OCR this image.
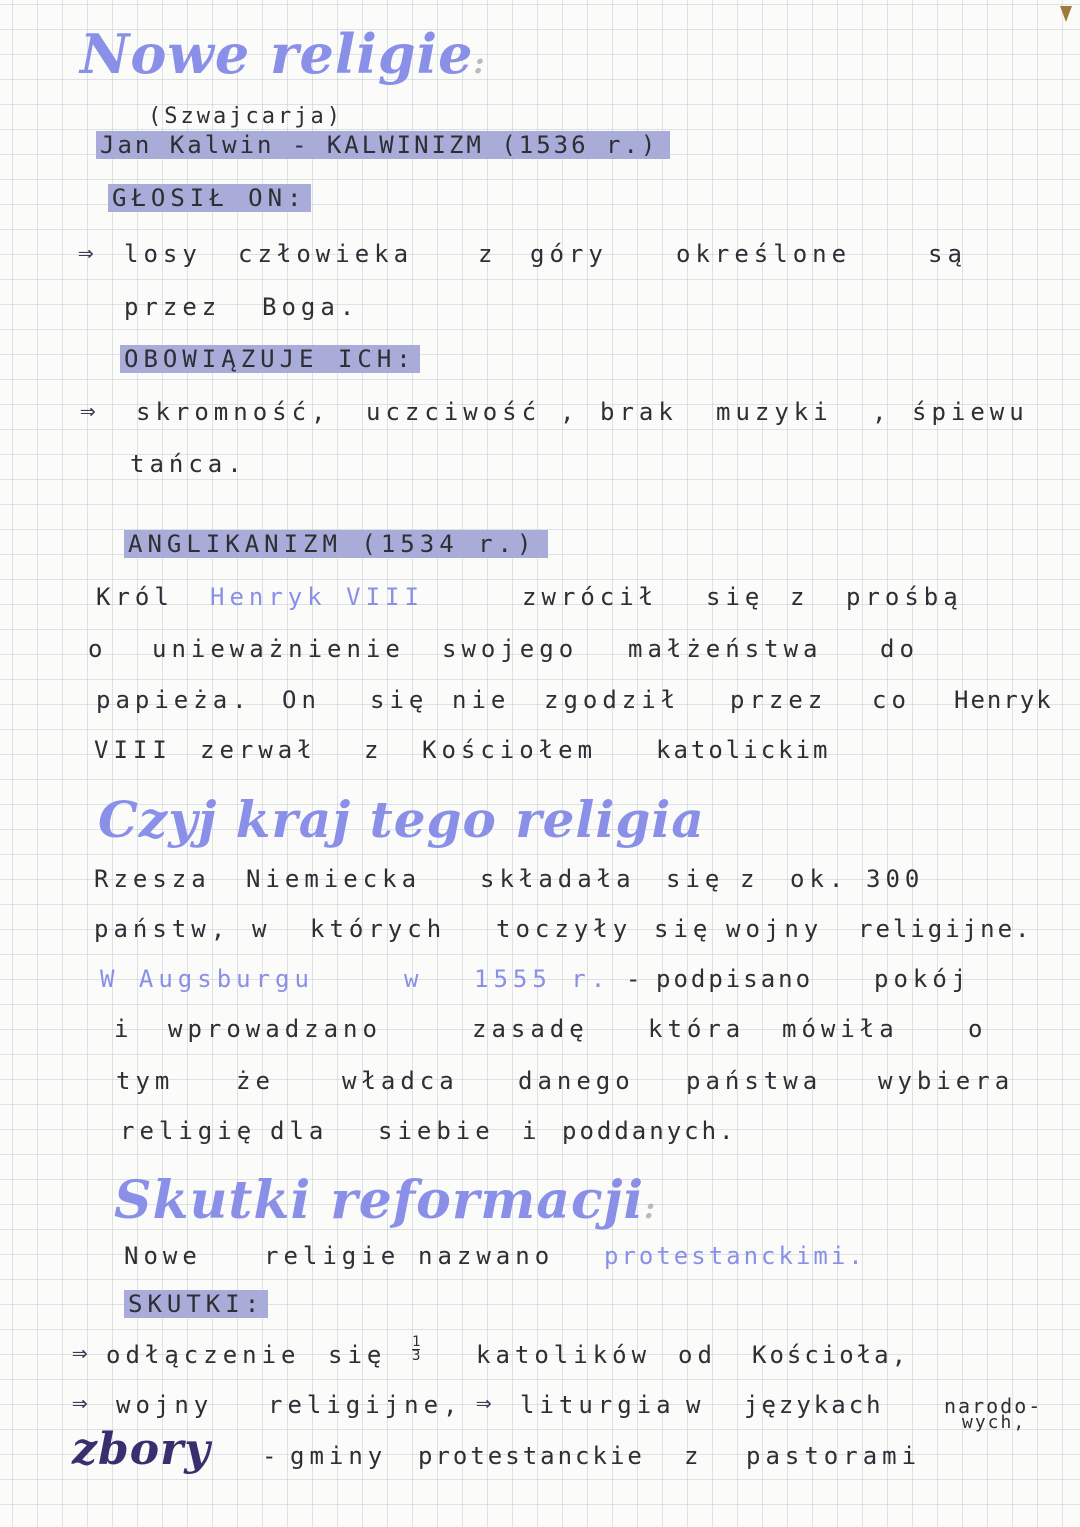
Nowe religie:
(Szwajcarja)
Jan Kalwin - KALWINIZM (1536 r.)
GŁOSIŁ ON:
⇒ losy człowieka	z góry	określone	są
przez Boga.
OBOWIĄZUJE ICH:
⇒ skromność, uczciwość , brak muzyki , śpiewu
tańca.
ANGLIKANIZM (1534 r.)
Król Henryk VIII	zwrócił się z prośbą
o unieważnienie swojego małżeństwa do
papieża. On się nie zgodził przez co Henryk
VIII zerwał z Kościołem katolickim
Czyj kraj tego religia
Rzesza Niemiecka składała się z ok. 300
państw, w których toczyły się wojny religijne.
W Augsburgu	w 1555 r. - podpisano	pokój
i wprowadzano	zasadę która mówiła	o
tym	że	władca danego państwa wybiera
religię dla siebie i poddanych.
Skutki reformacji:
Nowe	religie nazwano protestanckimi.
SKUTKI:
⇒ odłączenie się $\frac{1}{3}$ katolików od Kościoła,
⇒ wojny religijne, ⇒ liturgia w językach	narodo-
wych,
zbory - gminy protestanckie z pastorami
